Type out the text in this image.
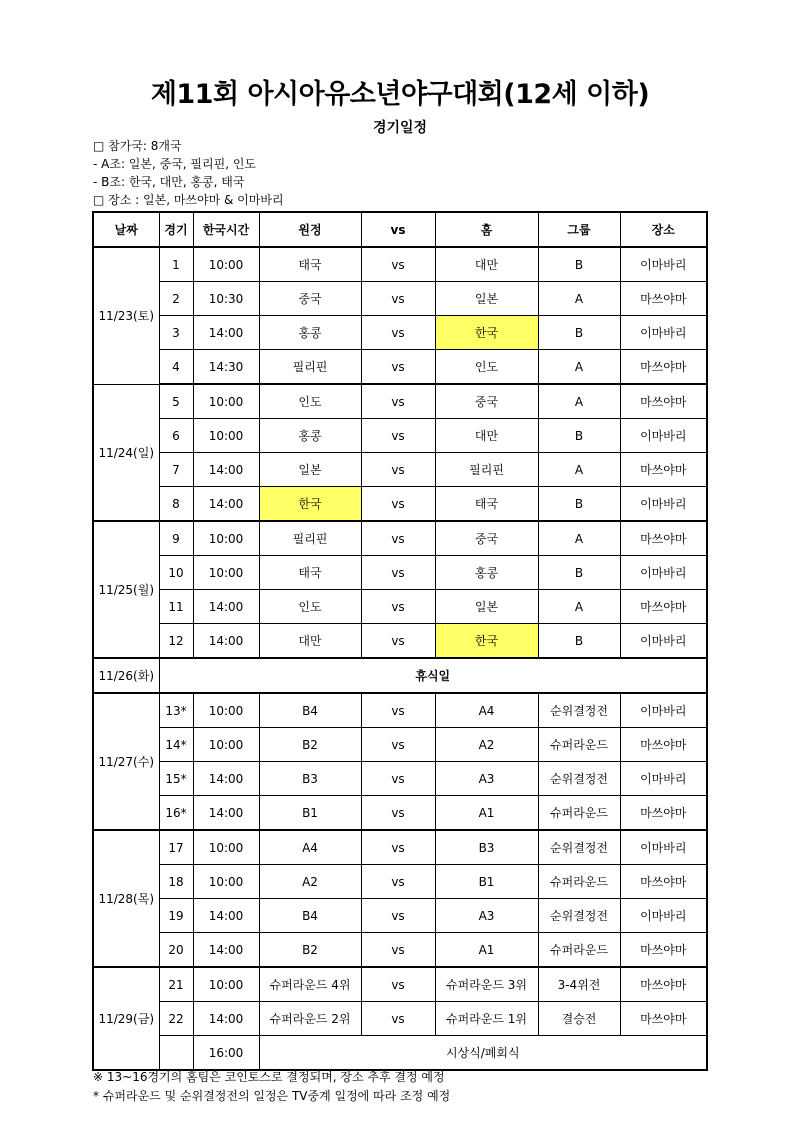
제11회 아시아유소년야구대회(12세 이하)
경기일정
□ 참가국: 8개국
- A조: 일본, 중국, 필리핀, 인도
- B조: 한국, 대만, 홍콩, 태국
□ 장소 : 일본, 마쓰야마 & 이마바리
날짜	경기	한국시간	원정	vs	홈	그룹	장소
11/23(토)	1	10:00	태국	vs	대만	B	이마바리
	2	10:30	중국	vs	일본	A	마쓰야마
	3	14:00	홍콩	vs	한국	B	이마바리
	4	14:30	필리핀	vs	인도	A	마쓰야마
11/24(일)	5	10:00	인도	vs	중국	A	마쓰야마
	6	10:00	홍콩	vs	대만	B	이마바리
	7	14:00	일본	vs	필리핀	A	마쓰야마
	8	14:00	한국	vs	태국	B	이마바리
11/25(월)	9	10:00	필리핀	vs	중국	A	마쓰야마
	10	10:00	태국	vs	홍콩	B	이마바리
	11	14:00	인도	vs	일본	A	마쓰야마
	12	14:00	대만	vs	한국	B	이마바리
11/26(화)	휴식일						
11/27(수)	13*	10:00	B4	vs	A4	순위결정전	이마바리
	14*	10:00	B2	vs	A2	슈퍼라운드	마쓰야마
	15*	14:00	B3	vs	A3	순위결정전	이마바리
	16*	14:00	B1	vs	A1	슈퍼라운드	마쓰야마
11/28(목)	17	10:00	A4	vs	B3	순위결정전	이마바리
	18	10:00	A2	vs	B1	슈퍼라운드	마쓰야마
	19	14:00	B4	vs	A3	순위결정전	이마바리
	20	14:00	B2	vs	A1	슈퍼라운드	마쓰야마
11/29(금)	21	10:00	슈퍼라운드 4위	vs	슈퍼라운드 3위	3-4위전	마쓰야마
	22	14:00	슈퍼라운드 2위	vs	슈퍼라운드 1위	결승전	마쓰야마
		16:00	시상식/폐회식				
※ 13~16경기의 홈팀은 코인토스로 결정되며, 장소 추후 결정 예정
* 슈퍼라운드 및 순위결정전의 일정은 TV중계 일정에 따라 조정 예정
